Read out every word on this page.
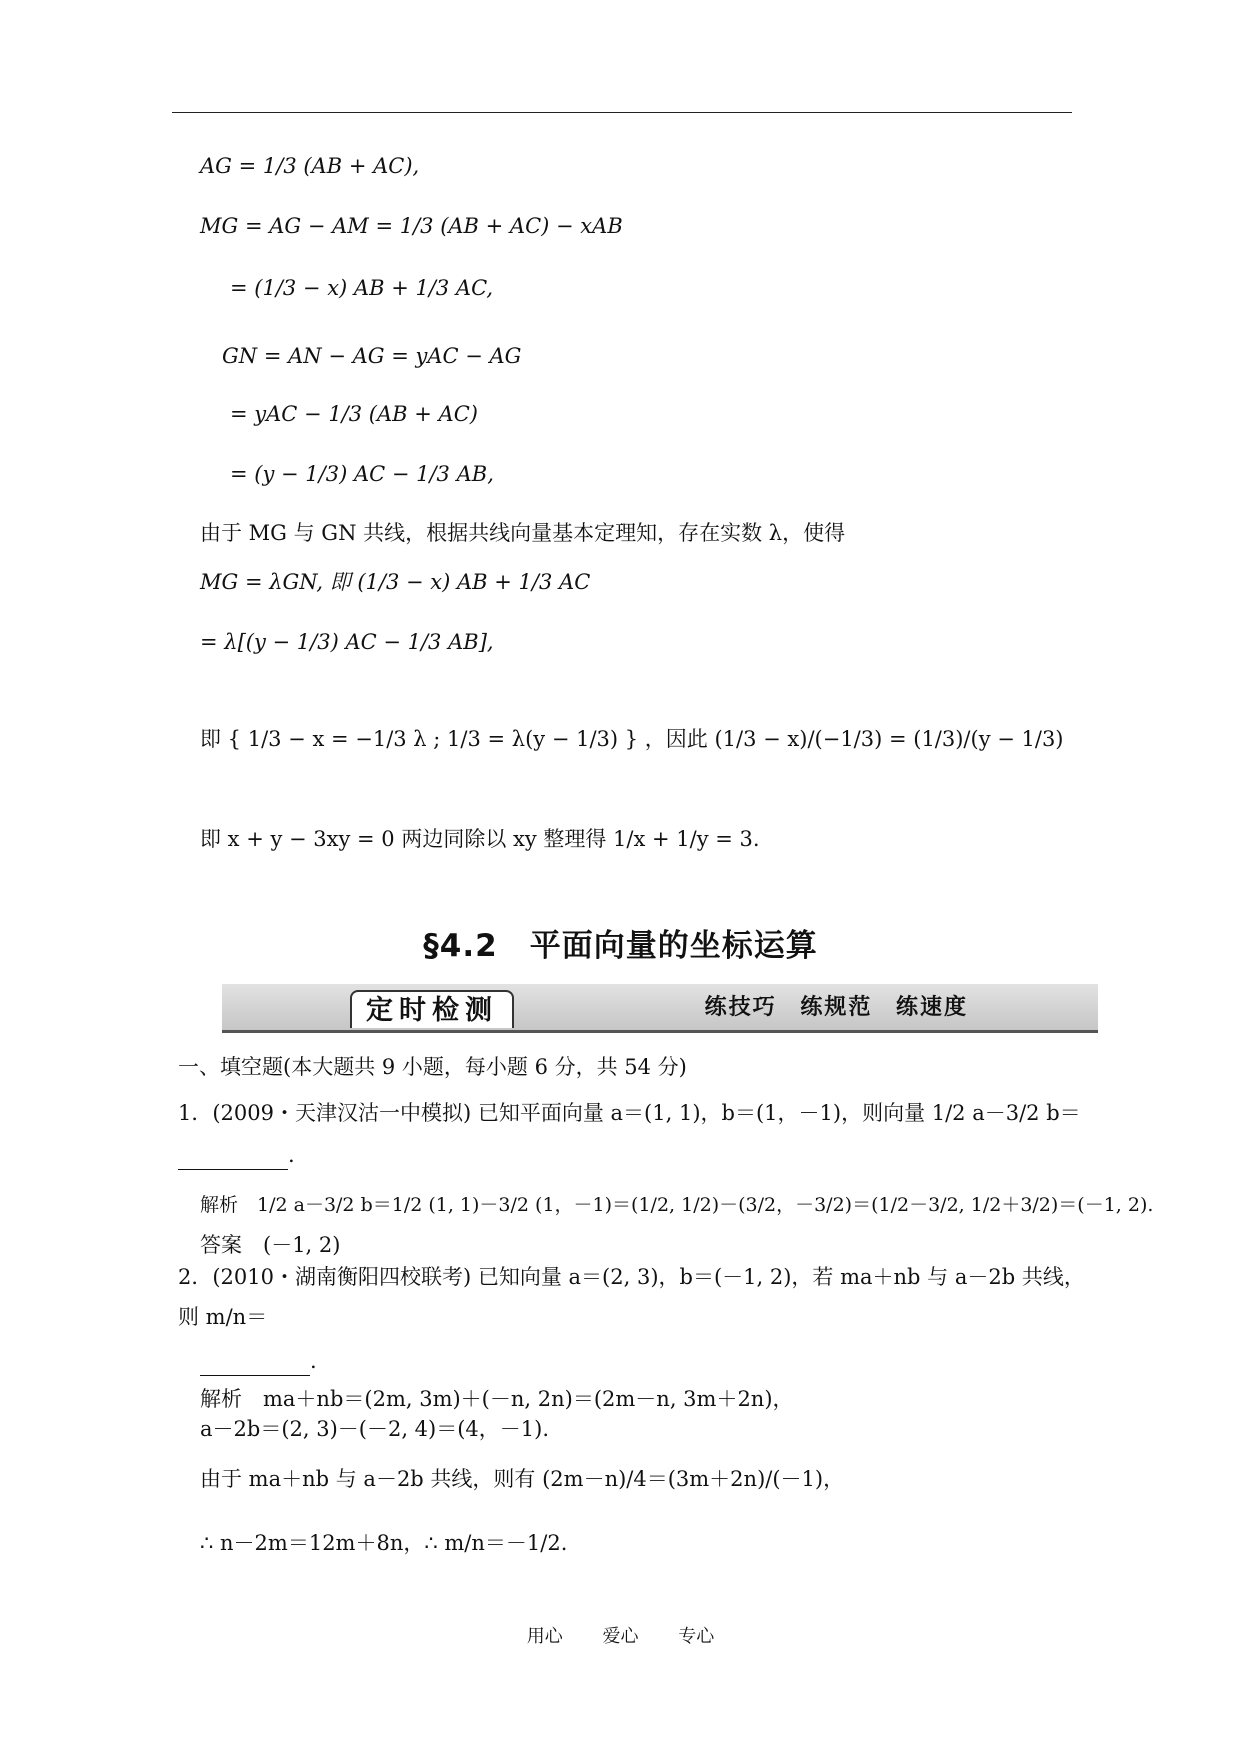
AG = 1/3 (AB + AC),
MG = AG − AM = 1/3 (AB + AC) − xAB
= (1/3 − x) AB + 1/3 AC,
GN = AN − AG = yAC − AG
= yAC − 1/3 (AB + AC)
= (y − 1/3) AC − 1/3 AB,
由于 MG 与 GN 共线，根据共线向量基本定理知，存在实数 λ，使得
MG = λGN, 即 (1/3 − x) AB + 1/3 AC
= λ[(y − 1/3) AC − 1/3 AB],
即 { 1/3 − x = −1/3 λ ; 1/3 = λ(y − 1/3) } ，因此 (1/3 − x)/(−1/3) = (1/3)/(y − 1/3)
即 x + y − 3xy = 0 两边同除以 xy 整理得 1/x + 1/y = 3.
§4.2　平面向量的坐标运算
定时检测	练技巧 练规范 练速度
一、填空题(本大题共 9 小题，每小题 6 分，共 54 分)
1．(2009・天津汉沽一中模拟) 已知平面向量 a＝(1, 1)，b＝(1，－1)，则向量 1/2 a－3/2 b＝
.
解析　1/2 a－3/2 b＝1/2 (1, 1)－3/2 (1，－1)＝(1/2, 1/2)－(3/2，－3/2)＝(1/2－3/2, 1/2＋3/2)＝(－1, 2).
答案　(－1, 2)
2．(2010・湖南衡阳四校联考) 已知向量 a＝(2, 3)，b＝(－1, 2)，若 ma＋nb 与 a－2b 共线，
则 m/n＝
.
解析　ma＋nb＝(2m, 3m)＋(－n, 2n)＝(2m－n, 3m＋2n)，
a－2b＝(2, 3)－(－2, 4)＝(4，－1).
由于 ma＋nb 与 a－2b 共线，则有 (2m－n)/4＝(3m＋2n)/(－1)，
∴ n－2m＝12m＋8n，∴ m/n＝－1/2.
用心 爱心 专心
